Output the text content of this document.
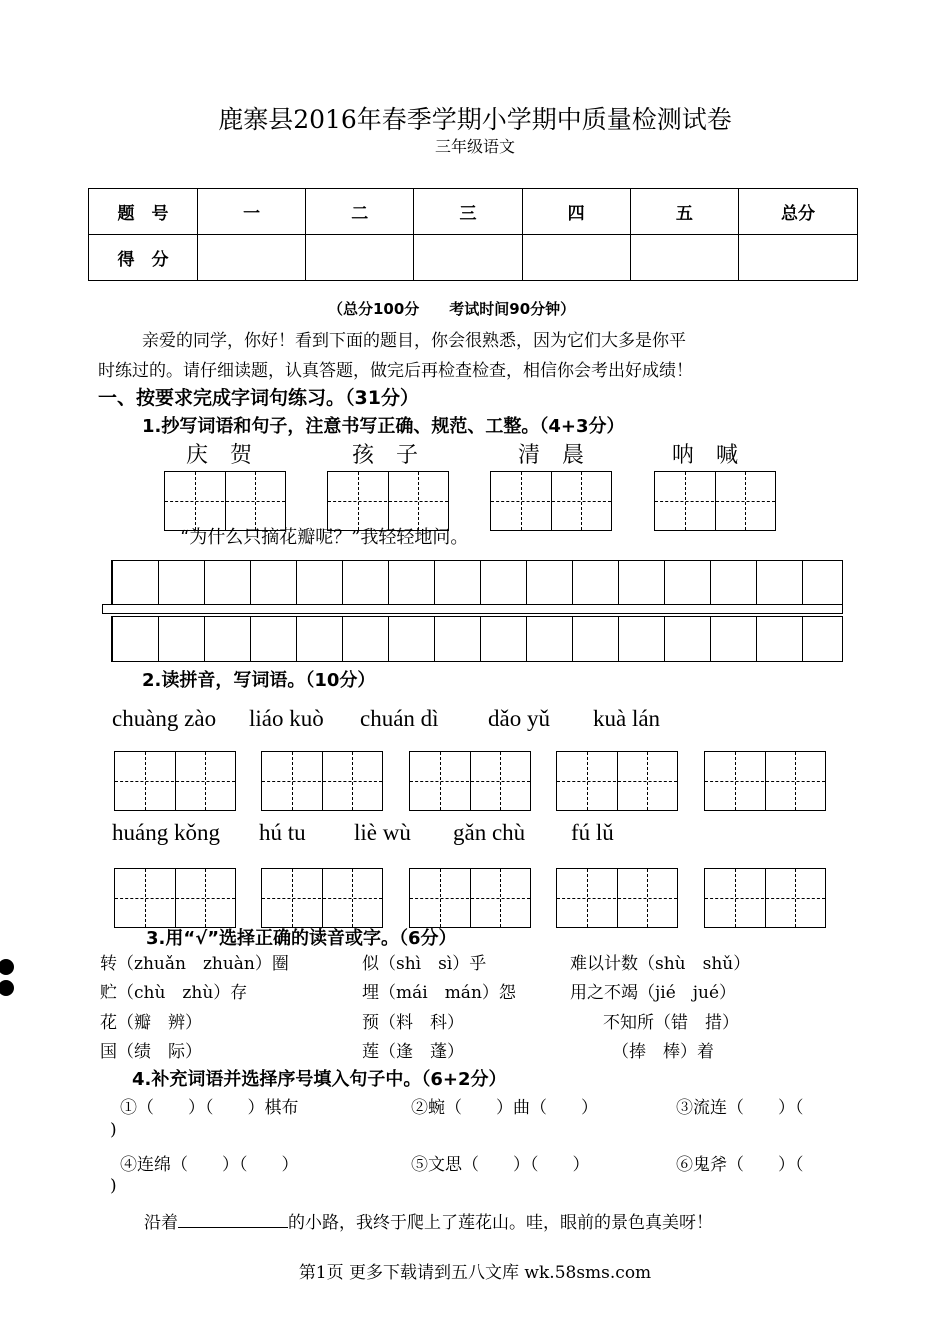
鹿寨县2016年春季学期小学期中质量检测试卷
三年级语文
题　号	一	二	三	四	五	总分
得　分						
（总分100分　　考试时间90分钟）
亲爱的同学，你好！看到下面的题目，你会很熟悉，因为它们大多是你平
时练过的。请仔细读题，认真答题，做完后再检查检查，相信你会考出好成绩！
一、按要求完成字词句练习。（31分）
1.抄写词语和句子，注意书写正确、规范、工整。（4+3分）
庆　贺	孩　子	清　晨	呐　喊
“为什么只摘花瓣呢？”我轻轻地问。
2.读拼音，写词语。（10分）
chuàng zào liáo kuò chuán dì dǎo yǔ kuà lán
huáng kǒng hú tu liè wù gǎn chù fú lǔ
3.用“√”选择正确的读音或字。（6分）
转（zhuǎn　zhuàn）圈	似（shì　sì）乎	难以计数（shù　shǔ）
贮（chù　zhù）存	埋（mái　mán）怨	用之不竭（jié　jué）
花（瓣　辨）	预（料　科）	不知所（错　措）
国（绩　际）	莲（逢　蓬）	（捧　棒）着
4.补充词语并选择序号填入句子中。（6+2分）
①（　　）（　　）棋布	②蜿（　　）曲（　　）	③流连（　　）（
)
④连绵（　　）（　　）	⑤文思（　　）（　　）	⑥鬼斧（　　）（
)
沿着	的小路，我终于爬上了莲花山。哇，眼前的景色真美呀！
第1页 更多下载请到五八文库 wk.58sms.com
